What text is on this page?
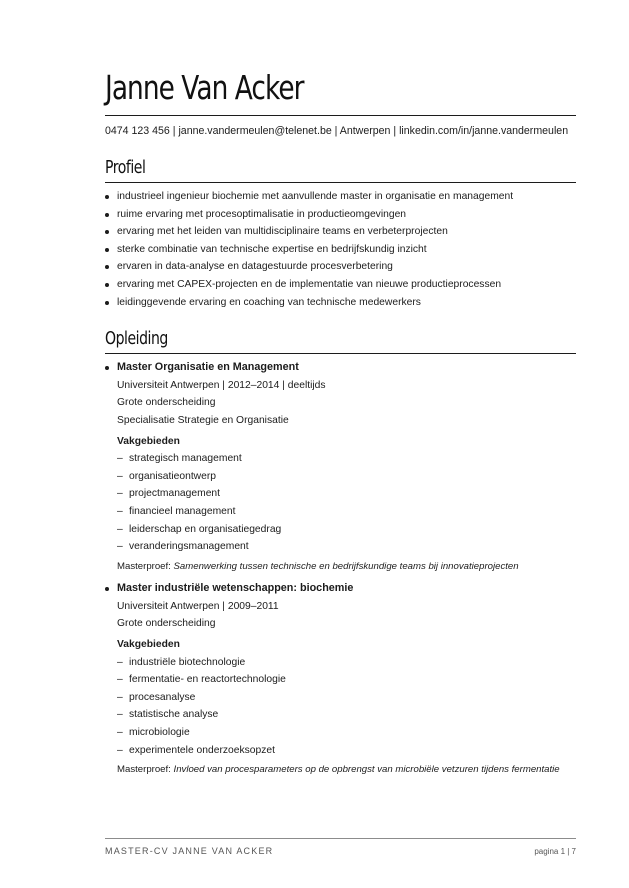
Janne Van Acker
0474 123 456 | janne.vandermeulen@telenet.be | Antwerpen | linkedin.com/in/janne.vandermeulen
Profiel
industrieel ingenieur biochemie met aanvullende master in organisatie en management
ruime ervaring met procesoptimalisatie in productieomgevingen
ervaring met het leiden van multidisciplinaire teams en verbeterprojecten
sterke combinatie van technische expertise en bedrijfskundig inzicht
ervaren in data-analyse en datagestuurde procesverbetering
ervaring met CAPEX-projecten en de implementatie van nieuwe productieprocessen
leidinggevende ervaring en coaching van technische medewerkers
Opleiding
Master Organisatie en Management
Universiteit Antwerpen | 2012–2014 | deeltijds
Grote onderscheiding
Specialisatie Strategie en Organisatie
Vakgebieden
– strategisch management
– organisatieontwerp
– projectmanagement
– financieel management
– leiderschap en organisatiegedrag
– veranderingsmanagement
Masterproef: Samenwerking tussen technische en bedrijfskundige teams bij innovatieprojecten
Master industriële wetenschappen: biochemie
Universiteit Antwerpen | 2009–2011
Grote onderscheiding
Vakgebieden
– industriële biotechnologie
– fermentatie- en reactortechnologie
– procesanalyse
– statistische analyse
– microbiologie
– experimentele onderzoeksopzet
Masterproef: Invloed van procesparameters op de opbrengst van microbiële vetzuren tijdens fermentatie
MASTER-CV JANNE VAN ACKER	pagina 1 | 7
